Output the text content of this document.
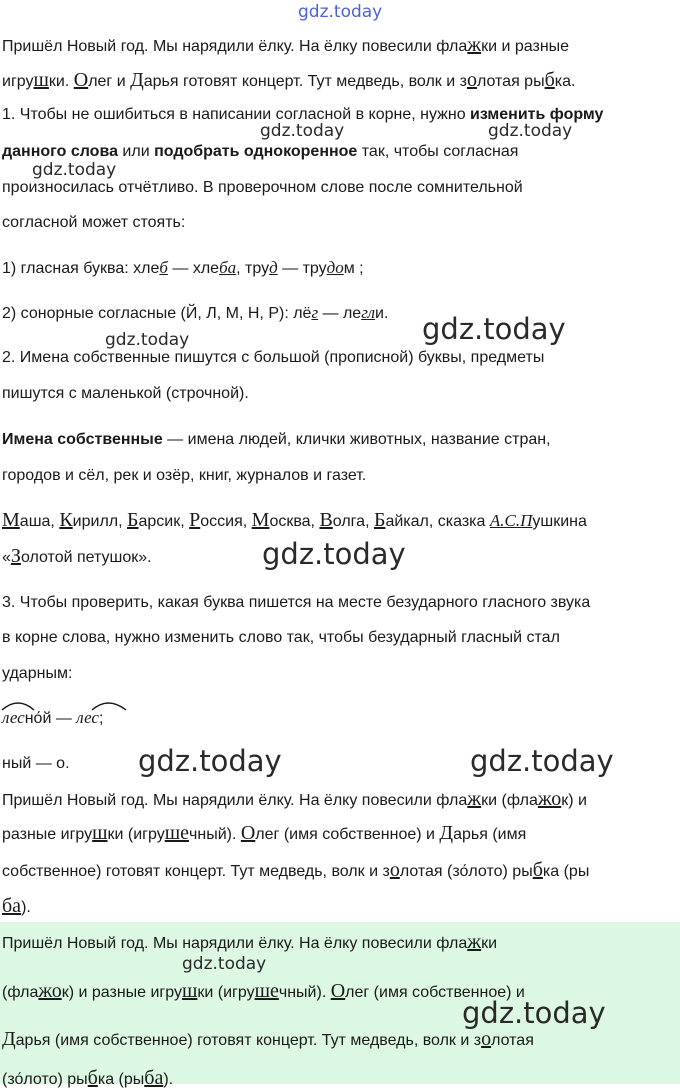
gdz.today
gdz.today	gdz.today
gdz.today
gdz.today	gdz.today
gdz.today
gdz.today	gdz.today
gdz.today
gdz.today
Пришёл Новый год. Мы нарядили ёлку. На ёлку повесили флажки и разные
игрушки. Олег и Дарья готовят концерт. Тут медведь, волк и золотая рыбка.
1. Чтобы не ошибиться в написании согласной в корне, нужно изменить форму
данного слова или подобрать однокоренное так, чтобы согласная
произносилась отчётливо. В проверочном слове после сомнительной
согласной может стоять:
1) гласная буква: хлеб — хлеба, труд — трудом ;
2) сонорные согласные (Й, Л, М, Н, Р): лёг — легли.
2. Имена собственные пишутся с большой (прописной) буквы, предметы
пишутся с маленькой (строчной).
Имена собственные — имена людей, клички животных, название стран,
городов и сёл, рек и озёр, книг, журналов и газет.
Маша, Кирилл, Барсик, Россия, Москва, Волга, Байкал, сказка А.С.Пушкина
«Золотой петушок».
3. Чтобы проверить, какая буква пишется на месте безударного гласного звука
в корне слова, нужно изменить слово так, чтобы безударный гласный стал
ударным:
лесно́й — лес;
ный — о.
Пришёл Новый год. Мы нарядили ёлку. На ёлку повесили флажки (флажок) и
разные игрушки (игрушечный). Олег (имя собственное) и Дарья (имя
собственное) готовят концерт. Тут медведь, волк и золотая (зо́лото) рыбка (ры
ба).
Пришёл Новый год. Мы нарядили ёлку. На ёлку повесили флажки
(флажок) и разные игрушки (игрушечный). Олег (имя собственное) и
Дарья (имя собственное) готовят концерт. Тут медведь, волк и золотая
(зо́лото) рыбка (рыба).
